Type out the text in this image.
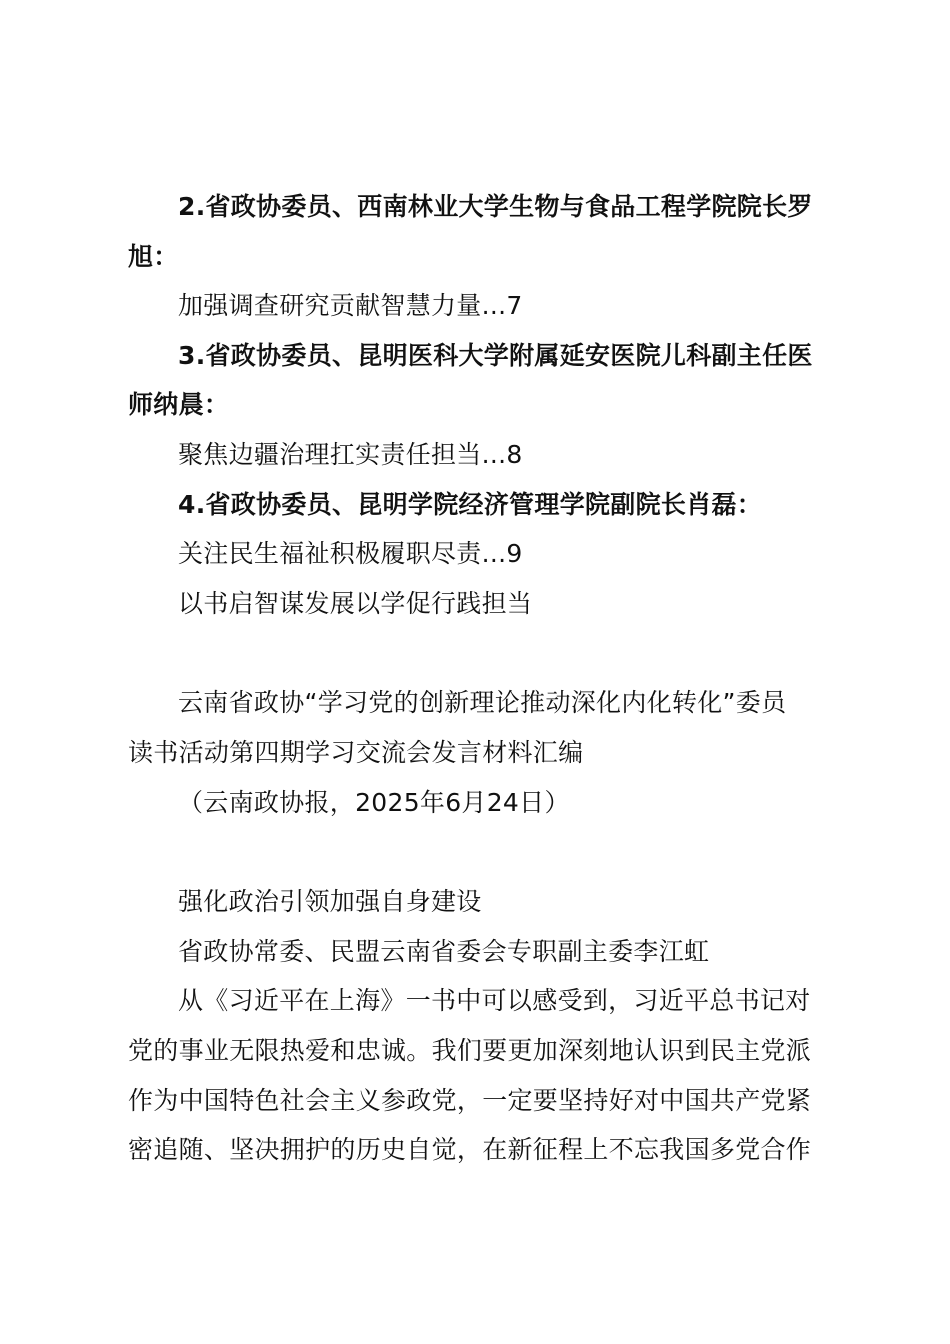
2.省政协委员、西南林业大学生物与食品工程学院院长罗
旭：
加强调查研究贡献智慧力量...7
3.省政协委员、昆明医科大学附属延安医院儿科副主任医
师纳晨：
聚焦边疆治理扛实责任担当...8
4.省政协委员、昆明学院经济管理学院副院长肖磊：
关注民生福祉积极履职尽责...9
以书启智谋发展以学促行践担当
云南省政协“学习党的创新理论推动深化内化转化”委员
读书活动第四期学习交流会发言材料汇编
（云南政协报，2025年6月24日）
强化政治引领加强自身建设
省政协常委、民盟云南省委会专职副主委李江虹
从《习近平在上海》一书中可以感受到，习近平总书记对
党的事业无限热爱和忠诚。我们要更加深刻地认识到民主党派
作为中国特色社会主义参政党，一定要坚持好对中国共产党紧
密追随、坚决拥护的历史自觉，在新征程上不忘我国多党合作
